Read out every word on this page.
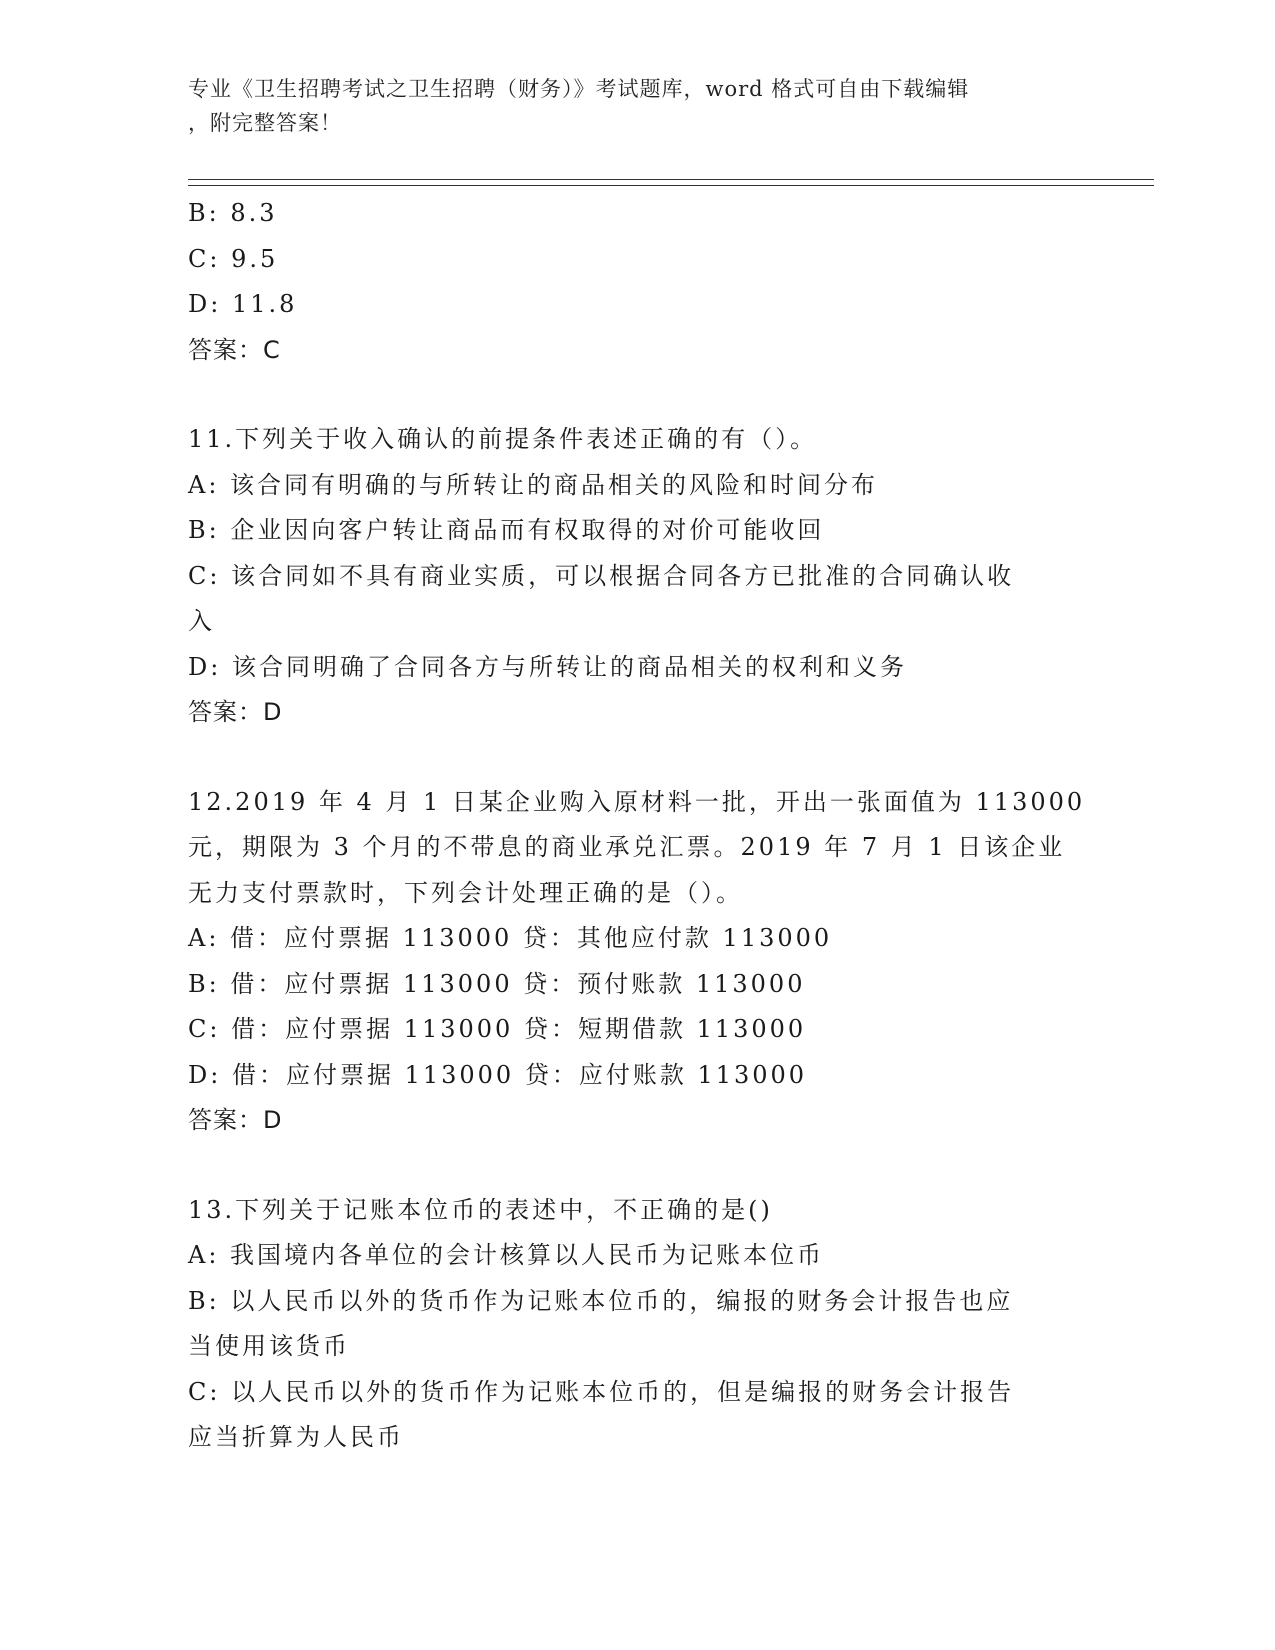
专业《卫生招聘考试之卫生招聘（财务）》考试题库，word 格式可自由下载编辑
，附完整答案！
B: 8.3
C: 9.5
D: 11.8
答案：C
11.下列关于收入确认的前提条件表述正确的有（）。
A: 该合同有明确的与所转让的商品相关的风险和时间分布
B: 企业因向客户转让商品而有权取得的对价可能收回
C: 该合同如不具有商业实质，可以根据合同各方已批准的合同确认收
入
D: 该合同明确了合同各方与所转让的商品相关的权利和义务
答案：D
12.2019 年 4 月 1 日某企业购入原材料一批，开出一张面值为 113000
元，期限为 3 个月的不带息的商业承兑汇票。2019 年 7 月 1 日该企业
无力支付票款时，下列会计处理正确的是（）。
A: 借：应付票据 113000 贷：其他应付款 113000
B: 借：应付票据 113000 贷：预付账款 113000
C: 借：应付票据 113000 贷：短期借款 113000
D: 借：应付票据 113000 贷：应付账款 113000
答案：D
13.下列关于记账本位币的表述中，不正确的是()
A: 我国境内各单位的会计核算以人民币为记账本位币
B: 以人民币以外的货币作为记账本位币的，编报的财务会计报告也应
当使用该货币
C: 以人民币以外的货币作为记账本位币的，但是编报的财务会计报告
应当折算为人民币
